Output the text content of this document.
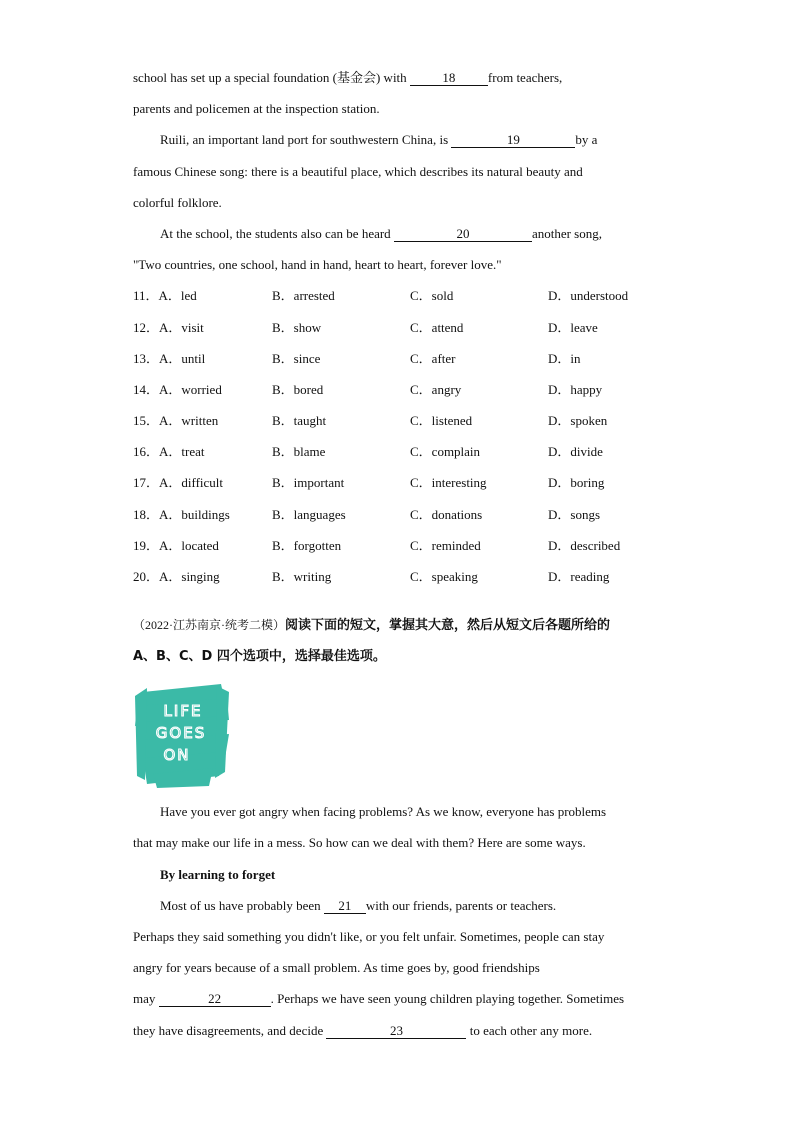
school has set up a special foundation (基金会) with	18	from teachers,
parents and policemen at the inspection station.
Ruili, an important land port for southwestern China, is	19	by a
famous Chinese song: there is a beautiful place, which describes its natural beauty and
colorful folklore.
At the school, the students also can be heard	20	another song,
"Two countries, one school, hand in hand, heart to heart, forever love."
11．A．led	B．arrested	C．sold	D．understood
12．A．visit	B．show	C．attend	D．leave
13．A．until	B．since	C．after	D．in
14．A．worried	B．bored	C．angry	D．happy
15．A．written	B．taught	C．listened	D．spoken
16．A．treat	B．blame	C．complain	D．divide
17．A．difficult	B．important	C．interesting	D．boring
18．A．buildings	B．languages	C．donations	D．songs
19．A．located	B．forgotten	C．reminded	D．described
20．A．singing	B．writing	C．speaking	D．reading
（2022·江苏南京·统考二模）阅读下面的短文，掌握其大意，然后从短文后各题所给的
A、B、C、D 四个选项中，选择最佳选项。
LIFE
GOES
ON
Have you ever got angry when facing problems? As we know, everyone has problems
that may make our life in a mess. So how can we deal with them? Here are some ways.
By learning to forget
Most of us have probably been 21 with our friends, parents or teachers.
Perhaps they said something you didn't like, or you felt unfair. Sometimes, people can stay
angry for years because of a small problem. As time goes by, good friendships
may	22	. Perhaps we have seen young children playing together. Sometimes
they have disagreements, and decide	23	to each other any more.
